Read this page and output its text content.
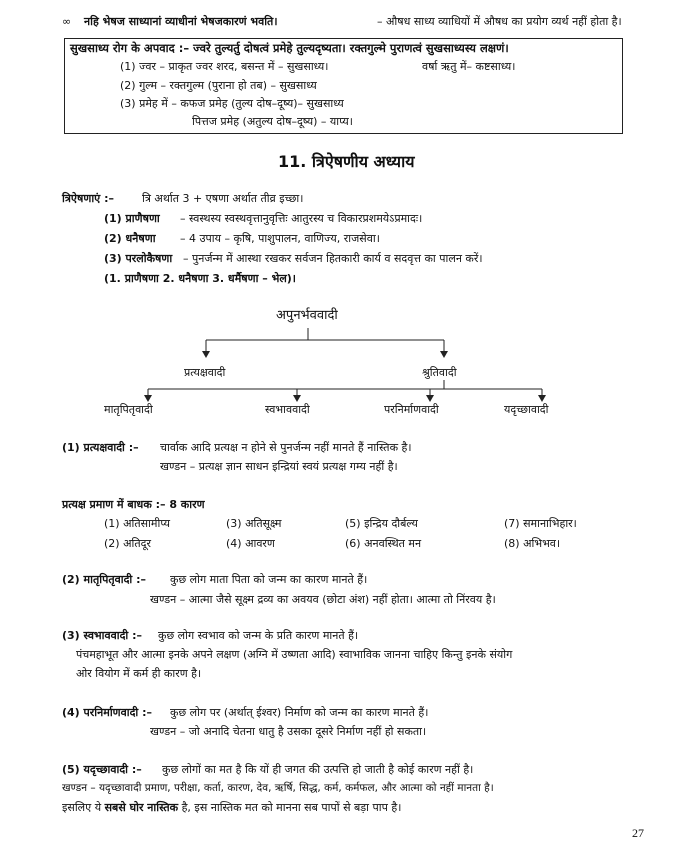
∞ नहि भेषज साध्यानां व्याधीनां भेषजकारणं भवति।	– औषध साध्य व्याधियों में औषध का प्रयोग व्यर्थ नहीं होता है।
सुखसाध्य रोग के अपवाद :– ज्वरे तुल्यर्तु दोषत्वं प्रमेहे तुल्यदृष्यता। रक्तगुल्मे पुराणत्वं सुखसाध्यस्य लक्षणं।
(1) ज्वर – प्राकृत ज्वर शरद, बसन्त में – सुखसाध्य।	वर्षा ऋतु में– कष्टसाध्य।
(2) गुल्म – रक्तगुल्म (पुराना हो तब) – सुखसाध्य
(3) प्रमेह में – कफज प्रमेह (तुल्य दोष–दूष्य)– सुखसाध्य
पित्तज प्रमेह (अतुल्य दोष–दूष्य) – याप्य।
11. त्रिऐषणीय अध्याय
त्रिऐषणाएं :–	त्रि अर्थात 3 + एषणा अर्थात तीव्र इच्छा।
(1) प्राणैषणा – स्वस्थस्य स्वस्थवृत्तानुवृत्तिः आतुरस्य च विकारप्रशमयेऽप्रमादः।
(2) धनैषणा – 4 उपाय – कृषि, पाशुपालन, वाणिज्य, राजसेवा।
(3) परलोकैषणा – पुनर्जन्म में आस्था रखकर सर्वजन हितकारी कार्य व सदवृत्त का पालन करें।
(1. प्राणैषणा 2. धनैषणा 3. धर्मैषणा – भेल)।
अपुनर्भववादी
प्रत्यक्षवादी	श्रुतिवादी
मातृपितृवादी	स्वभाववादी	परनिर्माणवादी	यदृच्छावादी
(1) प्रत्यक्षवादी :– चार्वाक आदि प्रत्यक्ष न होने से पुनर्जन्म नहीं मानते हैं नास्तिक है।
खण्डन – प्रत्यक्ष ज्ञान साधन इन्द्रियां स्वयं प्रत्यक्ष गम्य नहीं है।
प्रत्यक्ष प्रमाण में बाधक :– 8 कारण
(1) अतिसामीप्य	(3) अतिसूक्ष्म	(5) इन्द्रिय दौर्बल्य	(7) समानाभिहार।
(2) अतिदूर	(4) आवरण	(6) अनवस्थित मन	(8) अभिभव।
(2) मातृपितृवादी :– कुछ लोग माता पिता को जन्म का कारण मानते हैं।
खण्डन – आत्मा जैसे सूक्ष्म द्रव्य का अवयव (छोटा अंश) नहीं होता। आत्मा तो निंरवय है।
(3) स्वभाववादी :– कुछ लोग स्वभाव को जन्म के प्रति कारण मानते हैं।
पंचमहाभूत और आत्मा इनके अपने लक्षण (अग्नि में उष्णता आदि) स्वाभाविक जानना चाहिए किन्तु इनके संयोग
ओर वियोग में कर्म ही कारण है।
(4) परनिर्माणवादी :– कुछ लोग पर (अर्थात् ईश्वर) निर्माण को जन्म का कारण मानते हैं।
खण्डन – जो अनादि चेतना धातु है उसका दूसरे निर्माण नहीं हो सकता।
(5) यदृच्छावादी :– कुछ लोगों का मत है कि यों ही जगत की उत्पत्ति हो जाती है कोई कारण नहीं है।
खण्डन – यदृच्छावादी प्रमाण, परीक्षा, कर्ता, कारण, देव, ऋर्षि, सिद्ध, कर्म, कर्मफल, और आत्मा को नहीं मानता है।
इसलिए ये सबसे घोर नास्तिक है, इस नास्तिक मत को मानना सब पापों से बड़ा पाप है।
27
